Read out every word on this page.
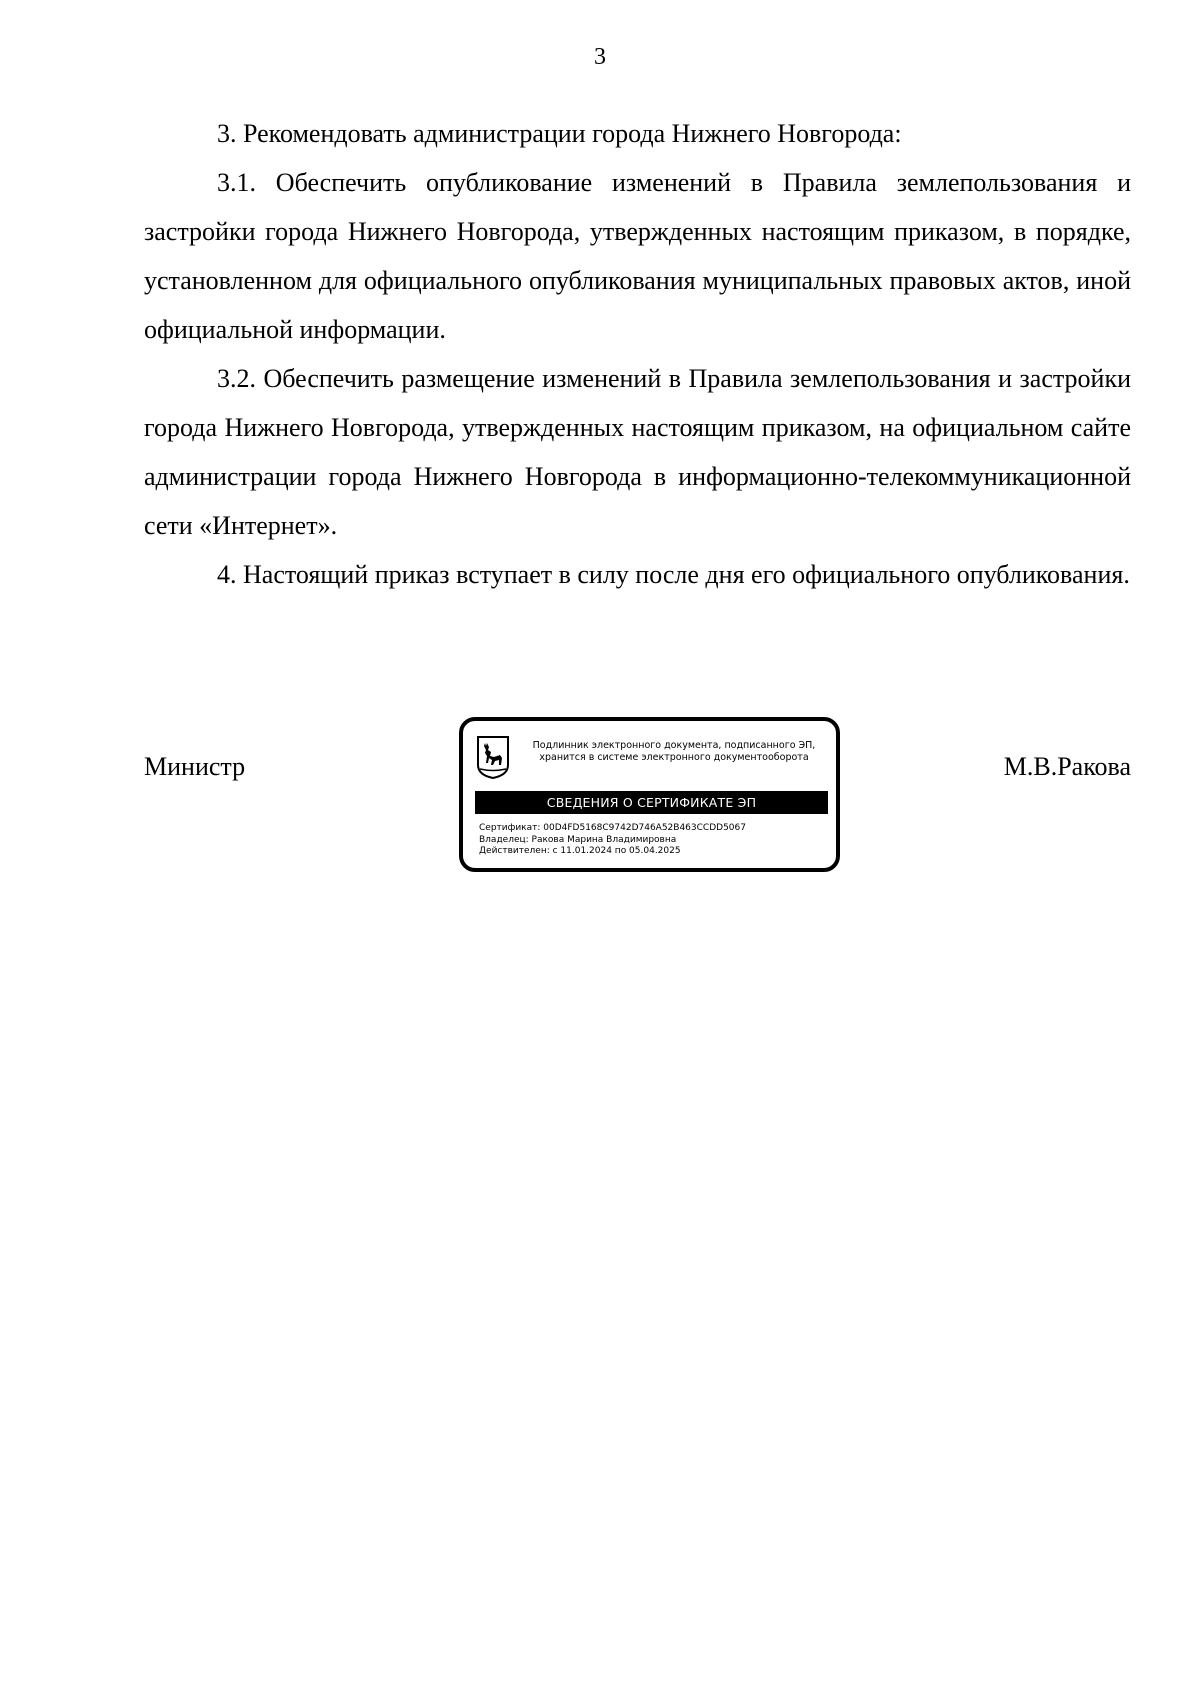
3

3. Рекомендовать администрации города Нижнего Новгорода:

3.1. Обеспечить опубликование изменений в Правила землепользования и застройки города Нижнего Новгорода, утвержденных настоящим приказом, в порядке, установленном для официального опубликования муниципальных правовых актов, иной официальной информации.

3.2. Обеспечить размещение изменений в Правила землепользования и застройки города Нижнего Новгорода, утвержденных настоящим приказом, на официальном сайте администрации города Нижнего Новгорода в информационно-телекоммуникационной сети «Интернет».

4. Настоящий приказ вступает в силу после дня его официального опубликования.

Министр	М.В.Ракова
Подлинник электронного документа, подписанного ЭП,
хранится в системе электронного документооборота
СВЕДЕНИЯ О СЕРТИФИКАТЕ ЭП
Сертификат: 00D4FD5168C9742D746A52B463CCDD5067
Владелец: Ракова Марина Владимировна
Действителен: с 11.01.2024 по 05.04.2025
